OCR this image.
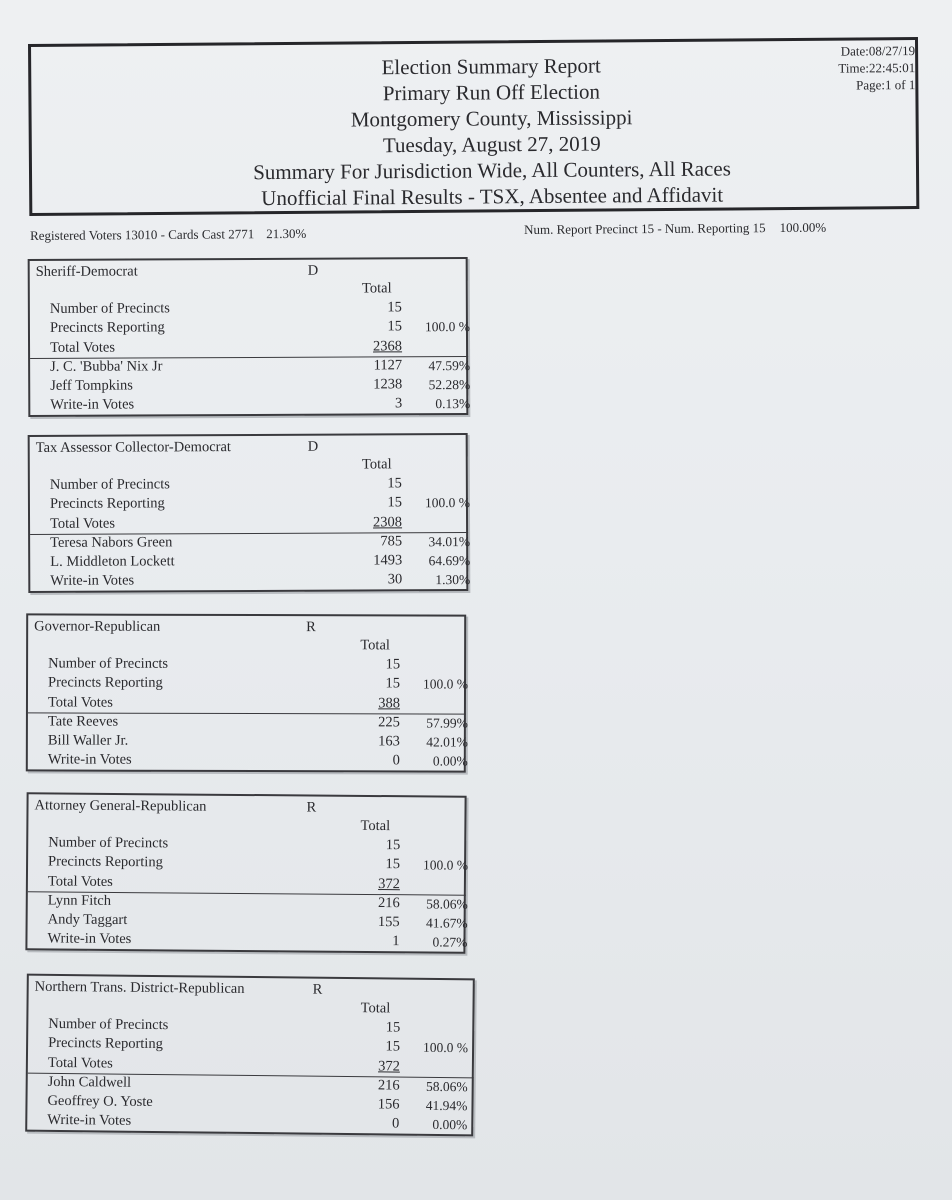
Election Summary Report
Primary Run Off Election
Montgomery County, Mississippi
Tuesday, August 27, 2019
Summary For Jurisdiction Wide, All Counters, All Races
Unofficial Final Results - TSX, Absentee and Affidavit
Date:08/27/19
Time:22:45:01
Page:1 of 1
Registered Voters 13010 - Cards Cast 2771 21.30%	Num. Report Precinct 15 - Num. Reporting 15 100.00%
Sheriff-Democrat	D
Total
Number of Precincts	15
Precincts Reporting	15	100.0 %
Total Votes	2368
J. C. 'Bubba' Nix Jr	1127	47.59%
Jeff Tompkins	1238	52.28%
Write-in Votes	3	0.13%
Tax Assessor Collector-Democrat	D
Total
Number of Precincts	15
Precincts Reporting	15	100.0 %
Total Votes	2308
Teresa Nabors Green	785	34.01%
L. Middleton Lockett	1493	64.69%
Write-in Votes	30	1.30%
Governor-Republican	R
Total
Number of Precincts	15
Precincts Reporting	15	100.0 %
Total Votes	388
Tate Reeves	225	57.99%
Bill Waller Jr.	163	42.01%
Write-in Votes	0	0.00%
Attorney General-Republican	R
Total
Number of Precincts	15
Precincts Reporting	15	100.0 %
Total Votes	372
Lynn Fitch	216	58.06%
Andy Taggart	155	41.67%
Write-in Votes	1	0.27%
Northern Trans. District-Republican	R
Total
Number of Precincts	15
Precincts Reporting	15	100.0 %
Total Votes	372
John Caldwell	216	58.06%
Geoffrey O. Yoste	156	41.94%
Write-in Votes	0	0.00%
